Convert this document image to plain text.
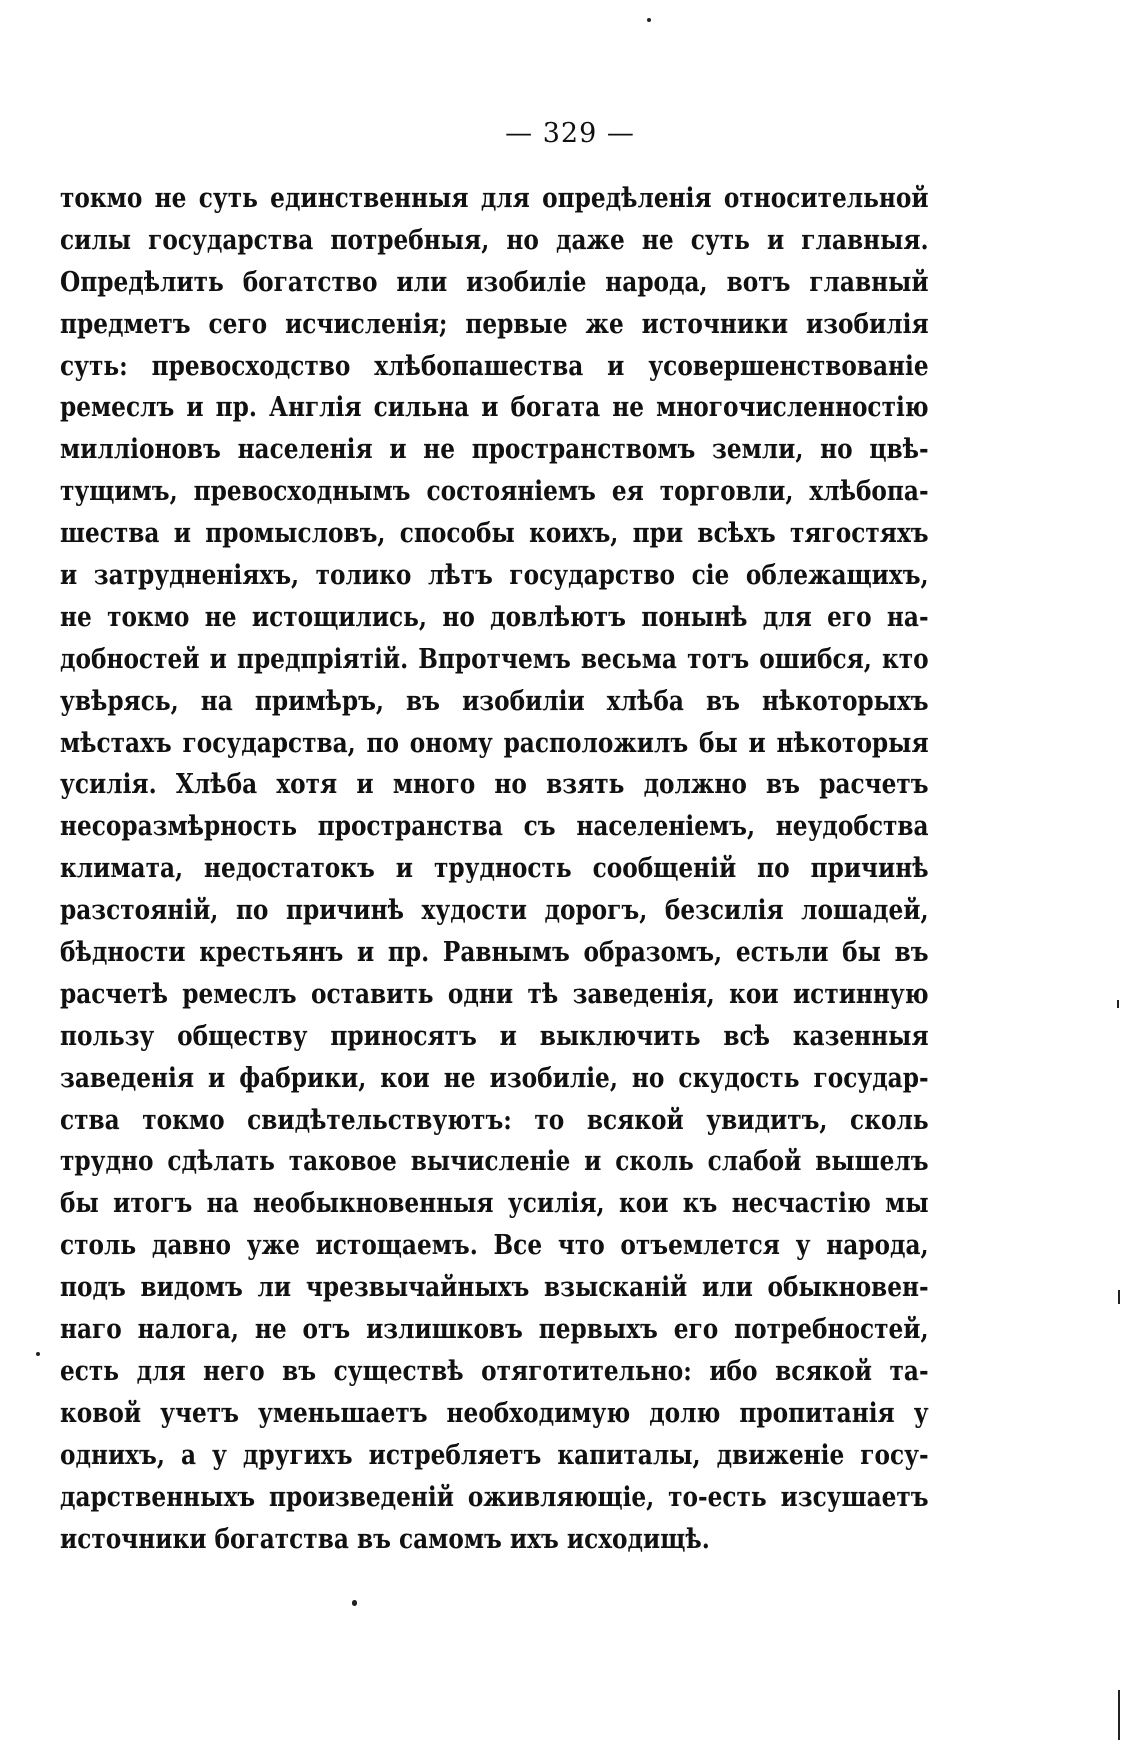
— 329 —
токмо не суть единственныя для опредѣленія относительной
силы государства потребныя, но даже не суть и главныя.
Опредѣлить богатство или изобиліе народа, вотъ главный
предметъ сего исчисленія; первые же источники изобилія
суть: превосходство хлѣбопашества и усовершенствованіе
ремеслъ и пр. Англія сильна и богата не многочисленностію
милліоновъ населенія и не пространствомъ земли, но цвѣ-
тущимъ, превосходнымъ состояніемъ ея торговли, хлѣбопа-
шества и промысловъ, способы коихъ, при всѣхъ тягостяхъ
и затрудненіяхъ, толико лѣтъ государство сіе облежащихъ,
не токмо не истощились, но довлѣютъ понынѣ для его на-
добностей и предпріятій. Впротчемъ весьма тотъ ошибся, кто
увѣрясь, на примѣръ, въ изобиліи хлѣба въ нѣкоторыхъ
мѣстахъ государства, по оному расположилъ бы и нѣкоторыя
усилія. Хлѣба хотя и много но взять должно въ расчетъ
несоразмѣрность пространства съ населеніемъ, неудобства
климата, недостатокъ и трудность сообщеній по причинѣ
разстояній, по причинѣ худости дорогъ, безсилія лошадей,
бѣдности крестьянъ и пр. Равнымъ образомъ, естьли бы въ
расчетѣ ремеслъ оставить одни тѣ заведенія, кои истинную
пользу обществу приносятъ и выключить всѣ казенныя
заведенія и фабрики, кои не изобиліе, но скудость государ-
ства токмо свидѣтельствуютъ: то всякой увидитъ, сколь
трудно сдѣлать таковое вычисленіе и сколь слабой вышелъ
бы итогъ на необыкновенныя усилія, кои къ несчастію мы
столь давно уже истощаемъ. Все что отъемлется у народа,
подъ видомъ ли чрезвычайныхъ взысканій или обыкновен-
наго налога, не отъ излишковъ первыхъ его потребностей,
есть для него въ существѣ отяготительно: ибо всякой та-
ковой учетъ уменьшаетъ необходимую долю пропитанія у
однихъ, а у другихъ истребляетъ капиталы, движеніе госу-
дарственныхъ произведеній оживляющіе, то-есть изсушаетъ
источники богатства въ самомъ ихъ исходищѣ.
